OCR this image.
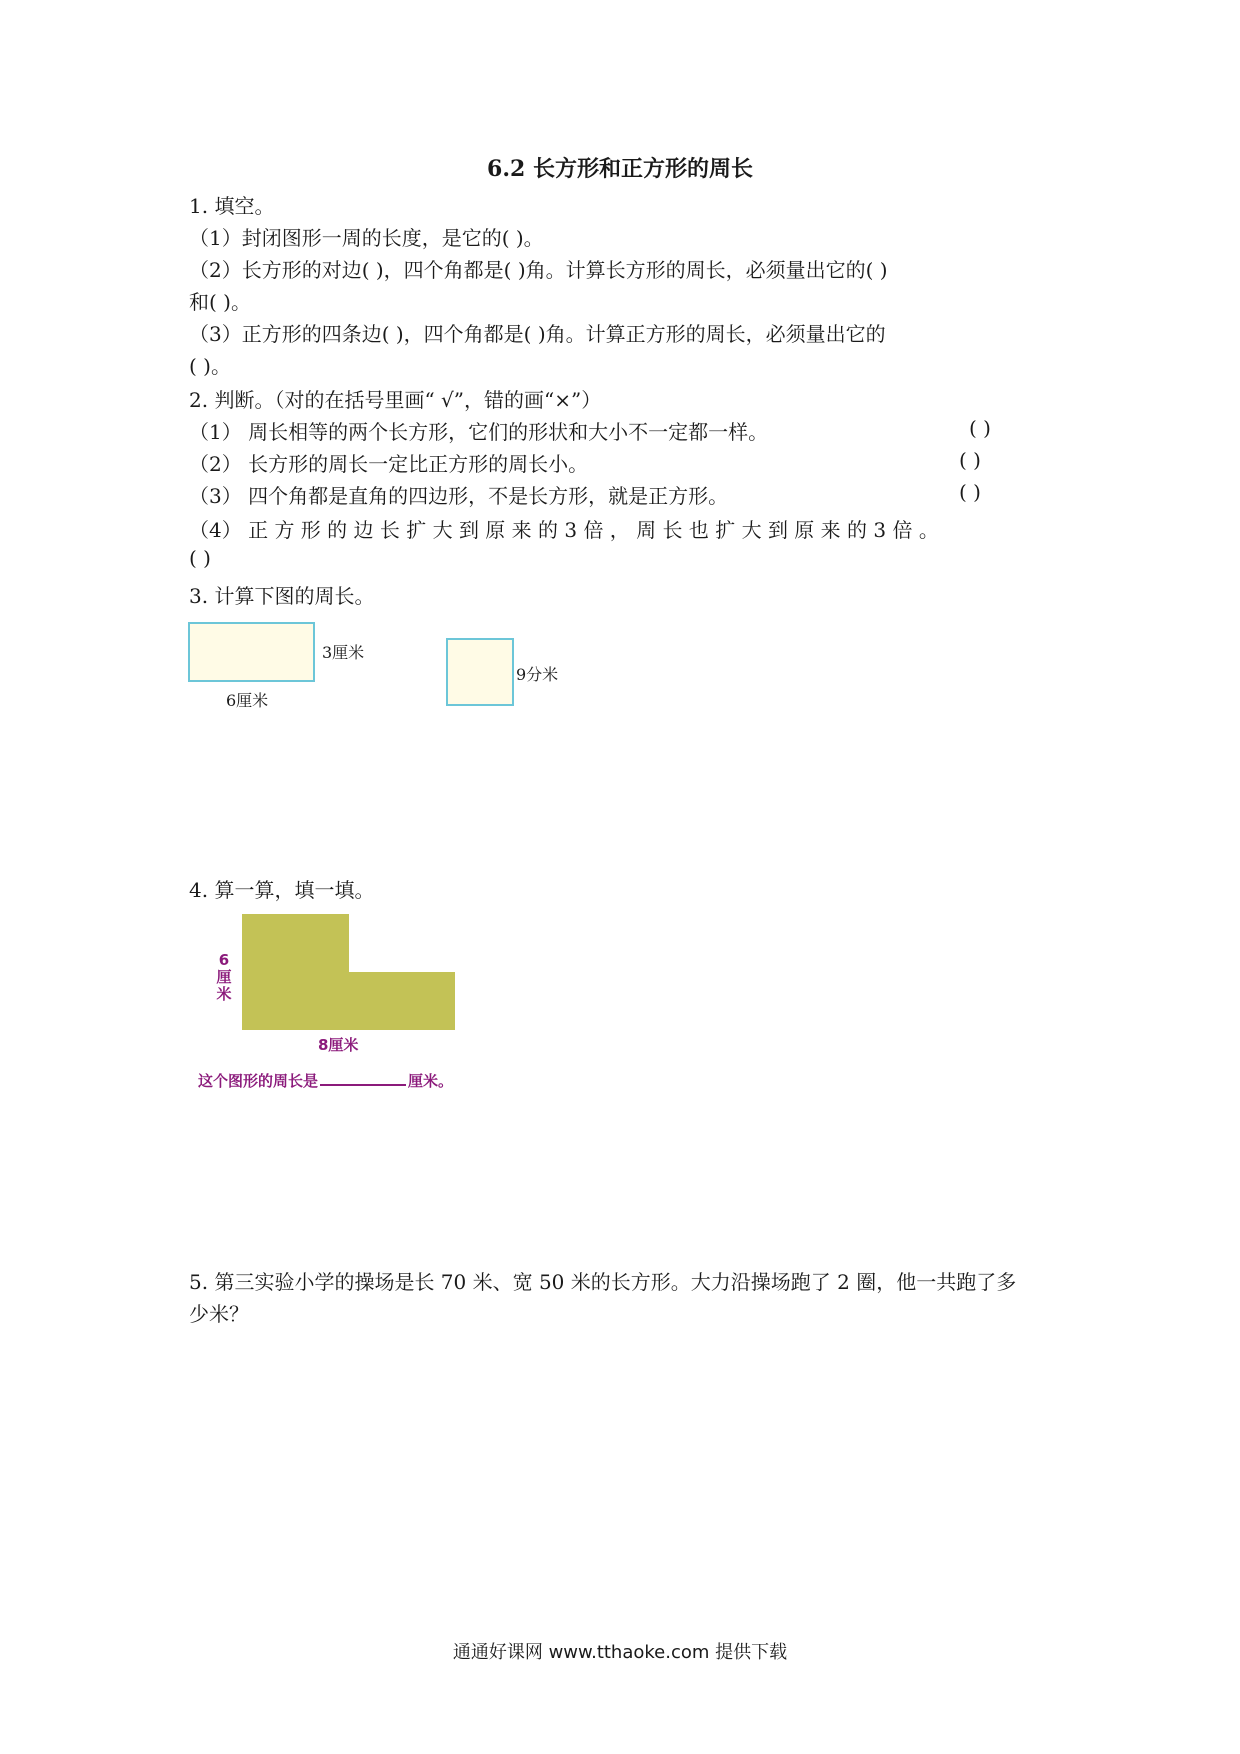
6.2 长方形和正方形的周长
1. 填空。
（1）封闭图形一周的长度，是它的( )。
（2）长方形的对边( )，四个角都是( )角。计算长方形的周长，必须量出它的( )
和( )。
（3）正方形的四条边( )，四个角都是( )角。计算正方形的周长，必须量出它的
( )。
2. 判断。（对的在括号里画“ √”，错的画“×”）
（1） 周长相等的两个长方形，它们的形状和大小不一定都一样。	( )
（2） 长方形的周长一定比正方形的周长小。	( )
（3） 四个角都是直角的四边形，不是长方形，就是正方形。	( )
（4） 正 方 形 的 边 长 扩 大 到 原 来 的 3 倍 ， 周 长 也 扩 大 到 原 来 的 3 倍 。
( )
3. 计算下图的周长。
3厘米
6厘米
9分米
4. 算一算，填一填。
6
厘
米
8厘米
这个图形的周长是	厘米。
5. 第三实验小学的操场是长 70 米、宽 50 米的长方形。大力沿操场跑了 2 圈，他一共跑了多
少米？
通通好课网 www.tthaoke.com 提供下载
